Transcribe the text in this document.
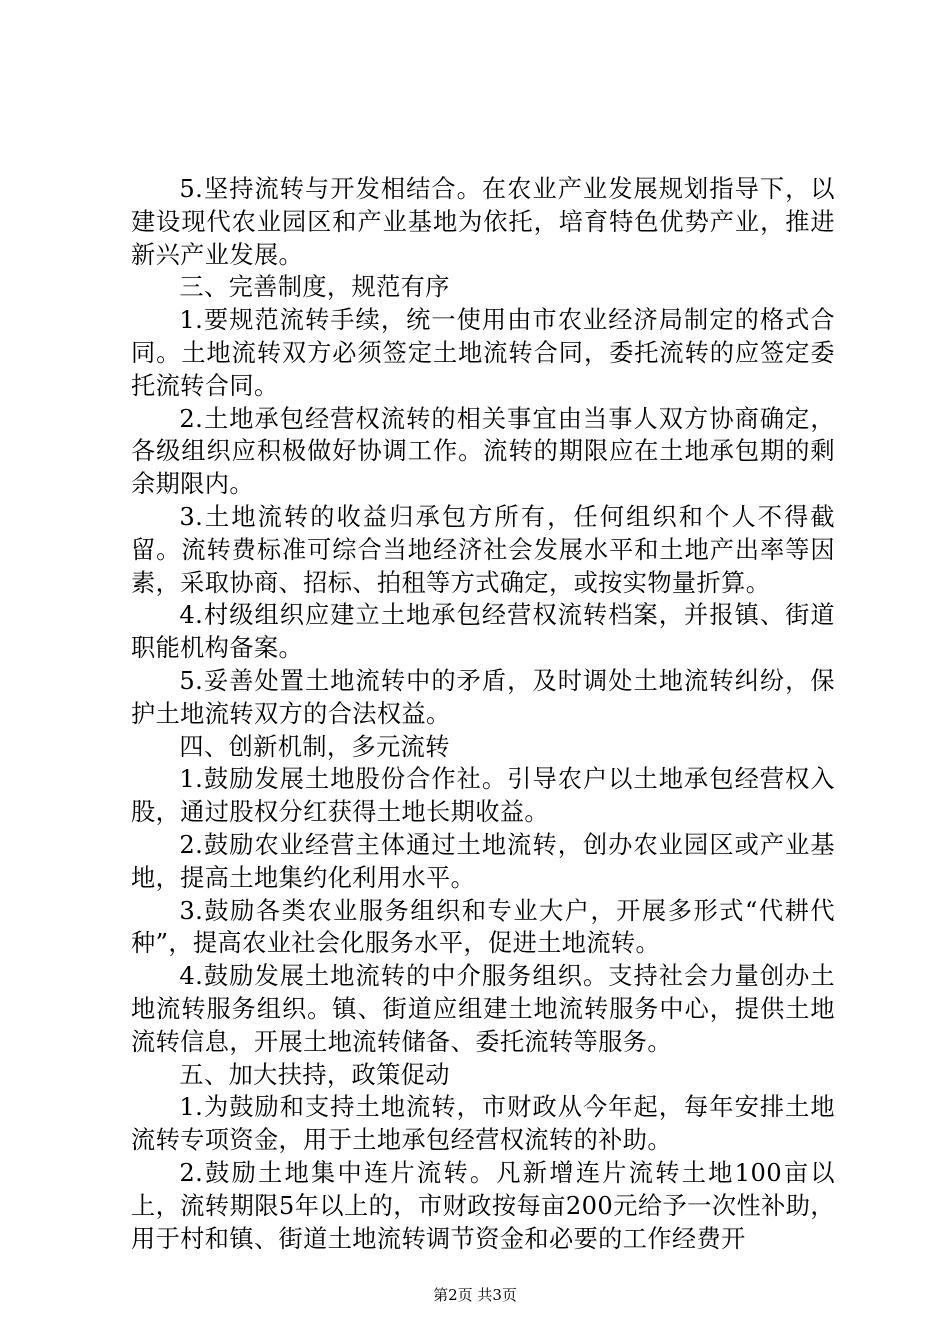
5.坚持流转与开发相结合。在农业产业发展规划指导下，以建设现代农业园区和产业基地为依托，培育特色优势产业，推进新兴产业发展。

三、完善制度，规范有序

1.要规范流转手续，统一使用由市农业经济局制定的格式合同。土地流转双方必须签定土地流转合同，委托流转的应签定委托流转合同。

2.土地承包经营权流转的相关事宜由当事人双方协商确定，各级组织应积极做好协调工作。流转的期限应在土地承包期的剩余期限内。

3.土地流转的收益归承包方所有，任何组织和个人不得截留。流转费标准可综合当地经济社会发展水平和土地产出率等因素，采取协商、招标、拍租等方式确定，或按实物量折算。

4.村级组织应建立土地承包经营权流转档案，并报镇、街道职能机构备案。

5.妥善处置土地流转中的矛盾，及时调处土地流转纠纷，保护土地流转双方的合法权益。

四、创新机制，多元流转

1.鼓励发展土地股份合作社。引导农户以土地承包经营权入股，通过股权分红获得土地长期收益。

2.鼓励农业经营主体通过土地流转，创办农业园区或产业基地，提高土地集约化利用水平。

3.鼓励各类农业服务组织和专业大户，开展多形式“代耕代种”，提高农业社会化服务水平，促进土地流转。

4.鼓励发展土地流转的中介服务组织。支持社会力量创办土地流转服务组织。镇、街道应组建土地流转服务中心，提供土地流转信息，开展土地流转储备、委托流转等服务。

五、加大扶持，政策促动

1.为鼓励和支持土地流转，市财政从今年起，每年安排土地流转专项资金，用于土地承包经营权流转的补助。

2.鼓励土地集中连片流转。凡新增连片流转土地100亩以上，流转期限5年以上的，市财政按每亩200元给予一次性补助，用于村和镇、街道土地流转调节资金和必要的工作经费开

第2页 共3页
